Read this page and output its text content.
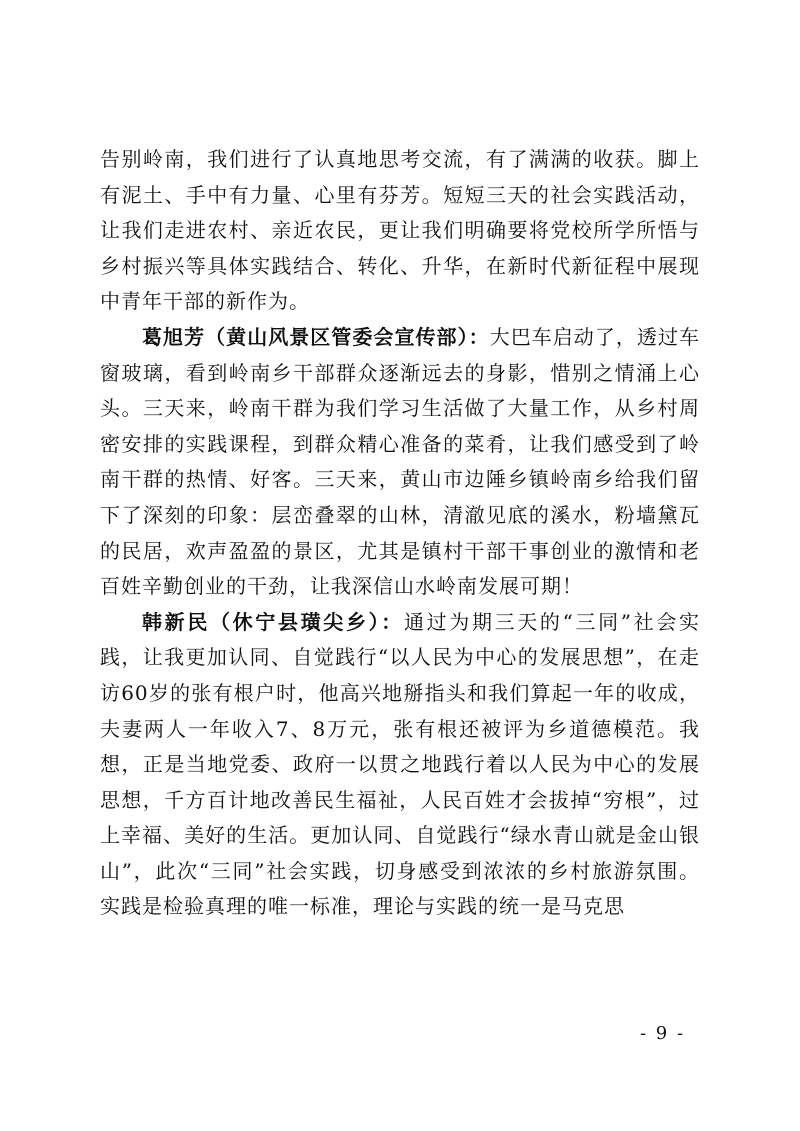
告别岭南，我们进行了认真地思考交流，有了满满的收获。脚上有泥土、手中有力量、心里有芬芳。短短三天的社会实践活动，让我们走进农村、亲近农民，更让我们明确要将党校所学所悟与乡村振兴等具体实践结合、转化、升华，在新时代新征程中展现中青年干部的新作为。

葛旭芳（黄山风景区管委会宣传部）：大巴车启动了，透过车窗玻璃，看到岭南乡干部群众逐渐远去的身影，惜别之情涌上心头。三天来，岭南干群为我们学习生活做了大量工作，从乡村周密安排的实践课程，到群众精心准备的菜肴，让我们感受到了岭南干群的热情、好客。三天来，黄山市边陲乡镇岭南乡给我们留下了深刻的印象：层峦叠翠的山林，清澈见底的溪水，粉墙黛瓦的民居，欢声盈盈的景区，尤其是镇村干部干事创业的激情和老百姓辛勤创业的干劲，让我深信山水岭南发展可期！

韩新民（休宁县璜尖乡）：通过为期三天的“三同”社会实践，让我更加认同、自觉践行“以人民为中心的发展思想”，在走访60岁的张有根户时，他高兴地掰指头和我们算起一年的收成，夫妻两人一年收入7、8万元，张有根还被评为乡道德模范。我想，正是当地党委、政府一以贯之地践行着以人民为中心的发展思想，千方百计地改善民生福祉，人民百姓才会拔掉“穷根”，过上幸福、美好的生活。更加认同、自觉践行“绿水青山就是金山银山”，此次“三同”社会实践，切身感受到浓浓的乡村旅游氛围。实践是检验真理的唯一标准，理论与实践的统一是马克思

- 9 -
